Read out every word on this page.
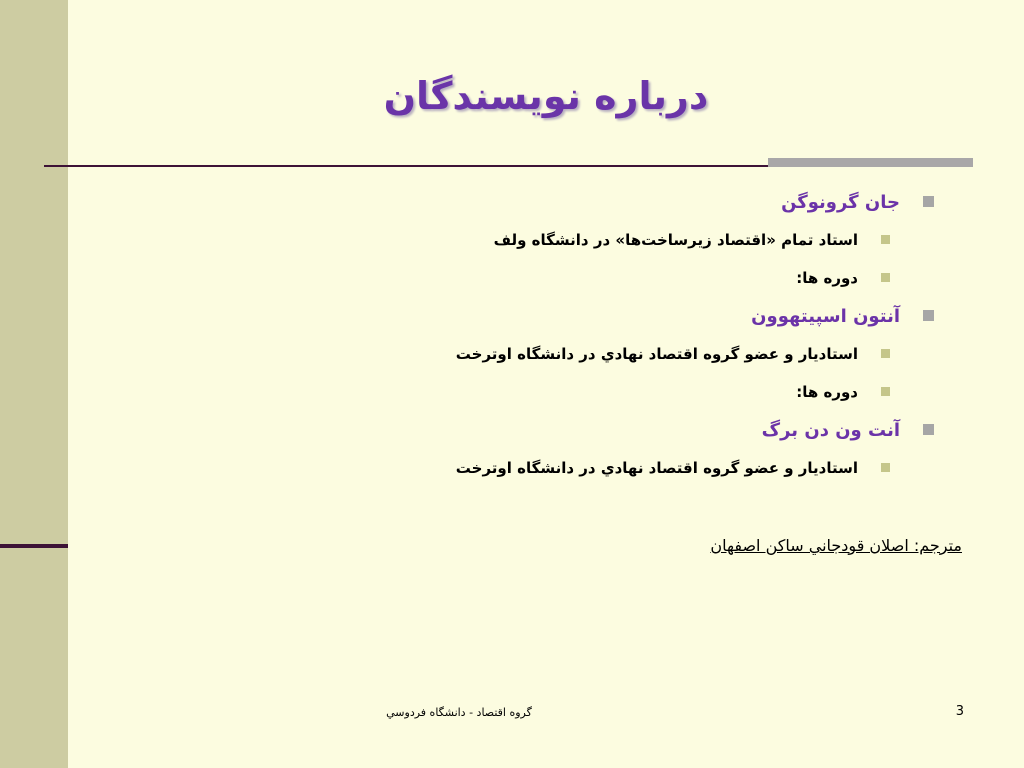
درباره نویسندگان
جان گرونوگن
استاد تمام «اقتصاد زیرساخت‌ها» در دانشگاه ولف
دوره ها:
آنتون اسپیتهوون
استادیار و عضو گروه اقتصاد نهادي در دانشگاه اوترخت
دوره ها:
آنت ون دن برگ
استادیار و عضو گروه اقتصاد نهادي در دانشگاه اوترخت
مترجم: اصلان قودجاني ساكن اصفهان
گروه اقتصاد - دانشگاه فردوسي	3
